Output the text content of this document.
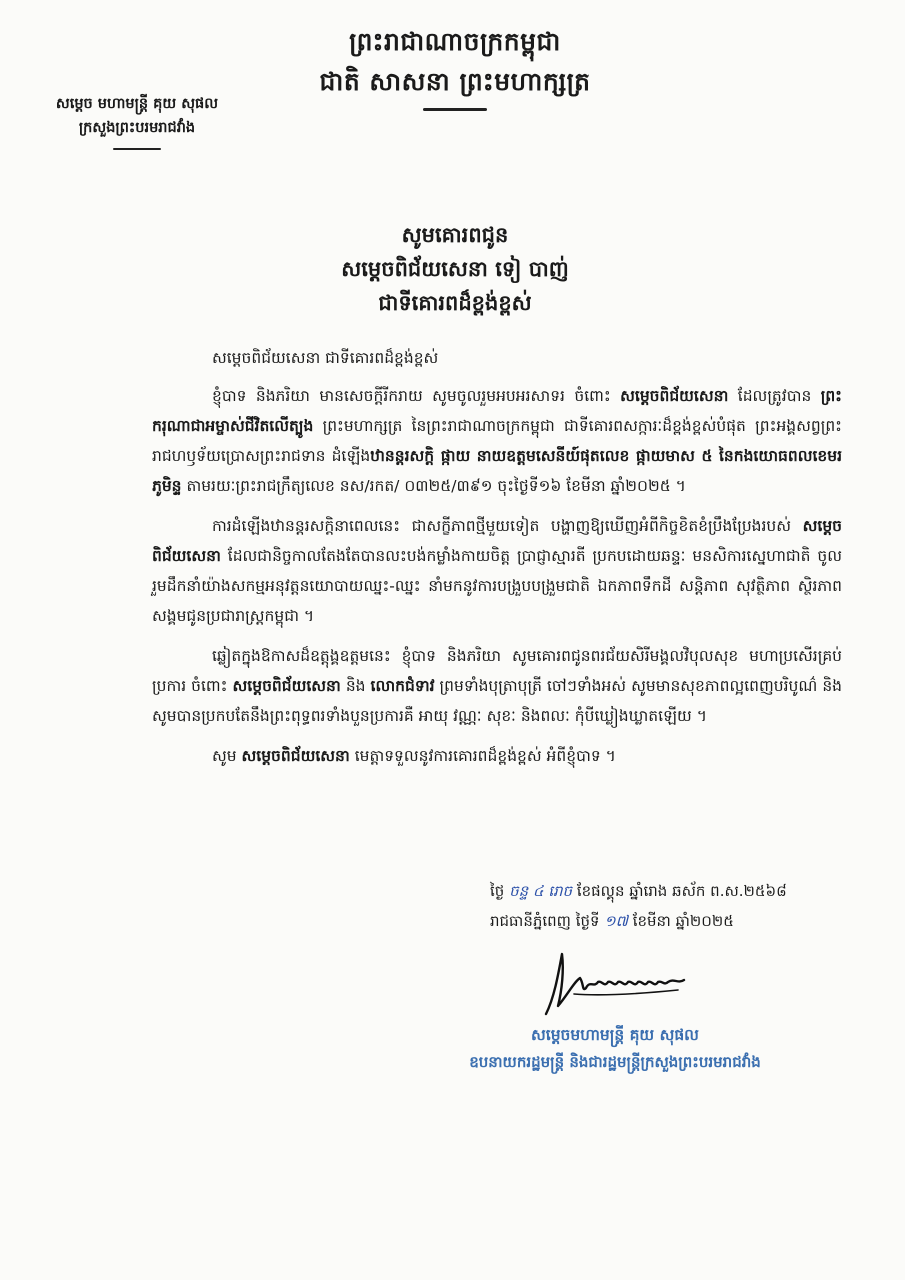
ព្រះរាជាណាចក្រកម្ពុជា
ជាតិ សាសនា ព្រះមហាក្សត្រ
សម្តេច មហាមន្ត្រី គុយ សុផល
ក្រសួងព្រះបរមរាជវាំង
សូមគោរពជូន
សម្តេចពិជ័យសេនា ទៀ បាញ់
ជាទីគោរពដ៏ខ្ពង់ខ្ពស់
សម្តេចពិជ័យសេនា ជាទីគោរពដ៏ខ្ពង់ខ្ពស់
ខ្ញុំបាទ និងភរិយា មានសេចក្តីរីករាយ សូមចូលរួមអបអរសាទរ ចំពោះ សម្តេចពិជ័យសេនា ដែលត្រូវបាន ព្រះករុណាជាអម្ចាស់ជីវិតលើត្បូង ព្រះមហាក្សត្រ នៃព្រះរាជាណាចក្រកម្ពុជា ជាទីគោរពសក្ការៈដ៏ខ្ពង់ខ្ពស់បំផុត ព្រះអង្គសព្វព្រះរាជហឫទ័យប្រោសព្រះរាជទាន ដំឡើងឋានន្តរសក្តិ ផ្កាយ នាយឧត្តមសេនីយ៍ផុតលេខ ផ្កាយមាស ៥ នៃកងយោធពលខេមរភូមិន្ទ តាមរយៈព្រះរាជក្រឹត្យលេខ នស/រកត/ ០៣២៥/៣៩១ ចុះថ្ងៃទី១៦ ខែមីនា ឆ្នាំ២០២៥ ។
ការដំឡើងឋានន្តរសក្តិនាពេលនេះ ជាសក្ខីភាពថ្មីមួយទៀត បង្ហាញឱ្យឃើញអំពីកិច្ចខិតខំប្រឹងប្រែងរបស់ សម្តេចពិជ័យសេនា ដែលជានិច្ចកាលតែងតែបានលះបង់កម្លាំងកាយចិត្ត ប្រាជ្ញាស្មារតី ប្រកបដោយឆន្ទៈ មនសិការស្នេហាជាតិ ចូលរួមដឹកនាំយ៉ាងសកម្មអនុវត្តនយោបាយឈ្នះ-ឈ្នះ នាំមកនូវការបង្រួបបង្រួមជាតិ ឯកភាពទឹកដី សន្តិភាព សុវត្ថិភាព ស្ថិរភាពសង្គមជូនប្រជារាស្ត្រកម្ពុជា ។
ឆ្លៀតក្នុងឱកាសដ៏ឧត្តុង្គឧត្តមនេះ ខ្ញុំបាទ និងភរិយា សូមគោរពជូនពរជ័យសិរីមង្គលវិបុលសុខ មហាប្រសើរគ្រប់ប្រការ ចំពោះ សម្តេចពិជ័យសេនា និង លោកជំទាវ ព្រមទាំងបុត្រាបុត្រី ចៅៗទាំងអស់ សូមមានសុខភាពល្អពេញបរិបូណ៌ និងសូមបានប្រកបតែនឹងព្រះពុទ្ធពរទាំងបួនប្រការគឺ អាយុ វណ្ណៈ សុខៈ និងពលៈ កុំបីឃ្លៀងឃ្លាតឡើយ ។
សូម សម្តេចពិជ័យសេនា មេត្តាទទួលនូវការគោរពដ៏ខ្ពង់ខ្ពស់ អំពីខ្ញុំបាទ ។
ថ្ងៃ ចន្ទ ៤ រោច ខែផល្គុន ឆ្នាំរោង ឆស័ក ព.ស.២៥៦៨
រាជធានីភ្នំពេញ ថ្ងៃទី ១៧ ខែមីនា ឆ្នាំ២០២៥
សម្តេចមហាមន្ត្រី គុយ សុផល
ឧបនាយករដ្ឋមន្ត្រី និងជារដ្ឋមន្ត្រីក្រសួងព្រះបរមរាជវាំង
